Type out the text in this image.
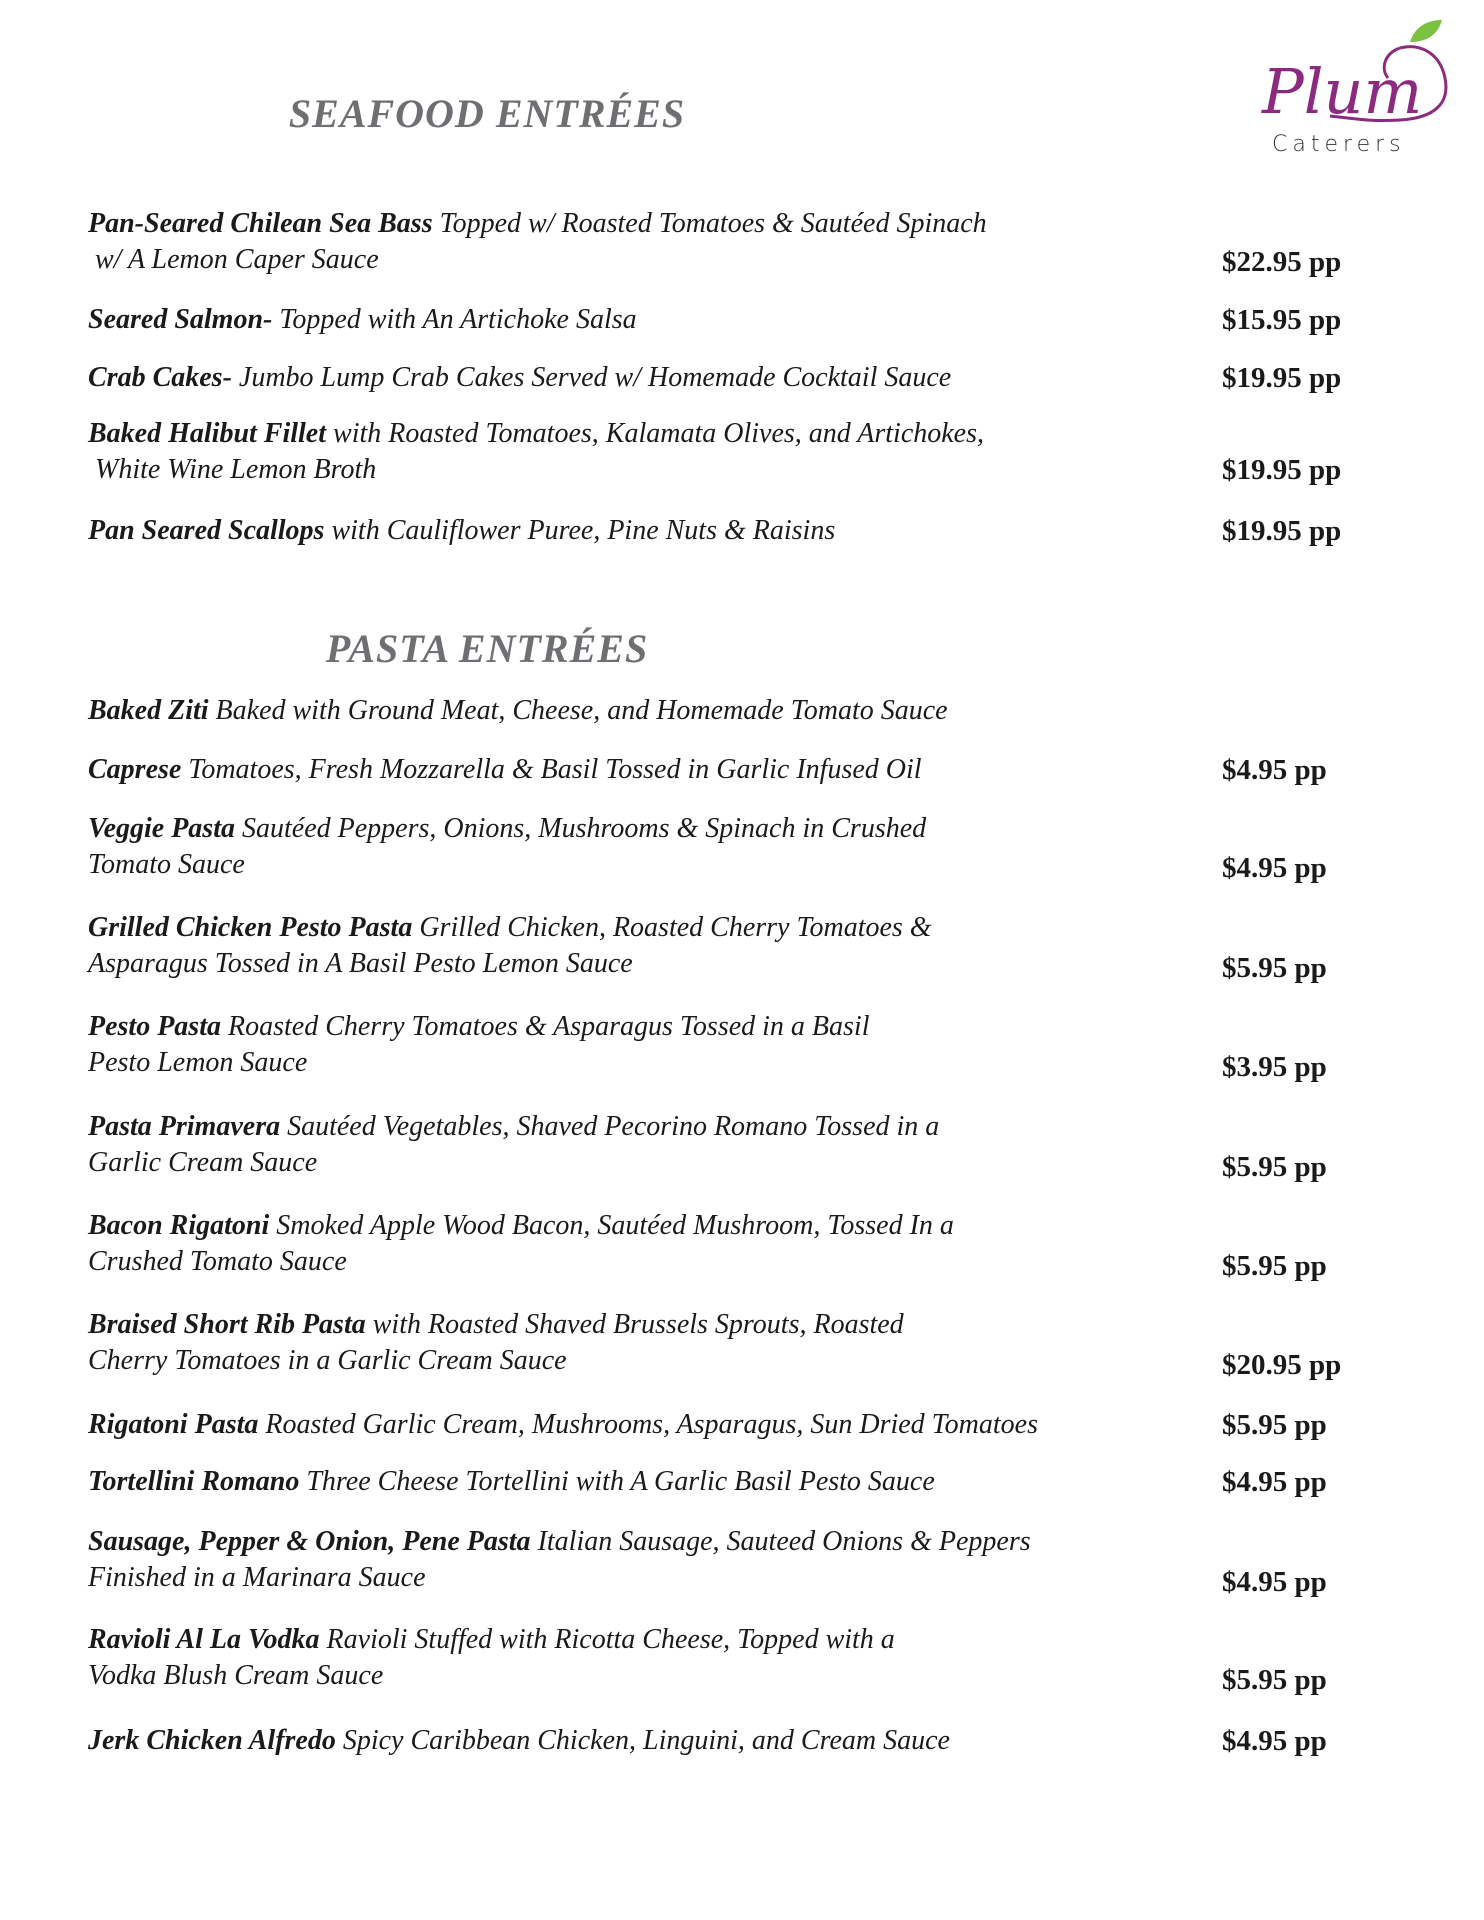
Plum
Caterers
SEAFOOD ENTRÉES
PASTA ENTRÉES
Pan-Seared Chilean Sea Bass Topped w/ Roasted Tomatoes & Sautéed Spinach
w/ A Lemon Caper Sauce	$22.95 pp
Seared Salmon- Topped with An Artichoke Salsa	$15.95 pp
Crab Cakes- Jumbo Lump Crab Cakes Served w/ Homemade Cocktail Sauce	$19.95 pp
Baked Halibut Fillet with Roasted Tomatoes, Kalamata Olives, and Artichokes,
White Wine Lemon Broth	$19.95 pp
Pan Seared Scallops with Cauliflower Puree, Pine Nuts & Raisins	$19.95 pp
Baked Ziti Baked with Ground Meat, Cheese, and Homemade Tomato Sauce
Caprese Tomatoes, Fresh Mozzarella & Basil Tossed in Garlic Infused Oil	$4.95 pp
Veggie Pasta Sautéed Peppers, Onions, Mushrooms & Spinach in Crushed
Tomato Sauce	$4.95 pp
Grilled Chicken Pesto Pasta Grilled Chicken, Roasted Cherry Tomatoes &
Asparagus Tossed in A Basil Pesto Lemon Sauce	$5.95 pp
Pesto Pasta Roasted Cherry Tomatoes & Asparagus Tossed in a Basil
Pesto Lemon Sauce	$3.95 pp
Pasta Primavera Sautéed Vegetables, Shaved Pecorino Romano Tossed in a
Garlic Cream Sauce	$5.95 pp
Bacon Rigatoni Smoked Apple Wood Bacon, Sautéed Mushroom, Tossed In a
Crushed Tomato Sauce	$5.95 pp
Braised Short Rib Pasta with Roasted Shaved Brussels Sprouts, Roasted
Cherry Tomatoes in a Garlic Cream Sauce	$20.95 pp
Rigatoni Pasta Roasted Garlic Cream, Mushrooms, Asparagus, Sun Dried Tomatoes	$5.95 pp
Tortellini Romano Three Cheese Tortellini with A Garlic Basil Pesto Sauce	$4.95 pp
Sausage, Pepper & Onion, Pene Pasta Italian Sausage, Sauteed Onions & Peppers
Finished in a Marinara Sauce	$4.95 pp
Ravioli Al La Vodka Ravioli Stuffed with Ricotta Cheese, Topped with a
Vodka Blush Cream Sauce	$5.95 pp
Jerk Chicken Alfredo Spicy Caribbean Chicken, Linguini, and Cream Sauce	$4.95 pp
